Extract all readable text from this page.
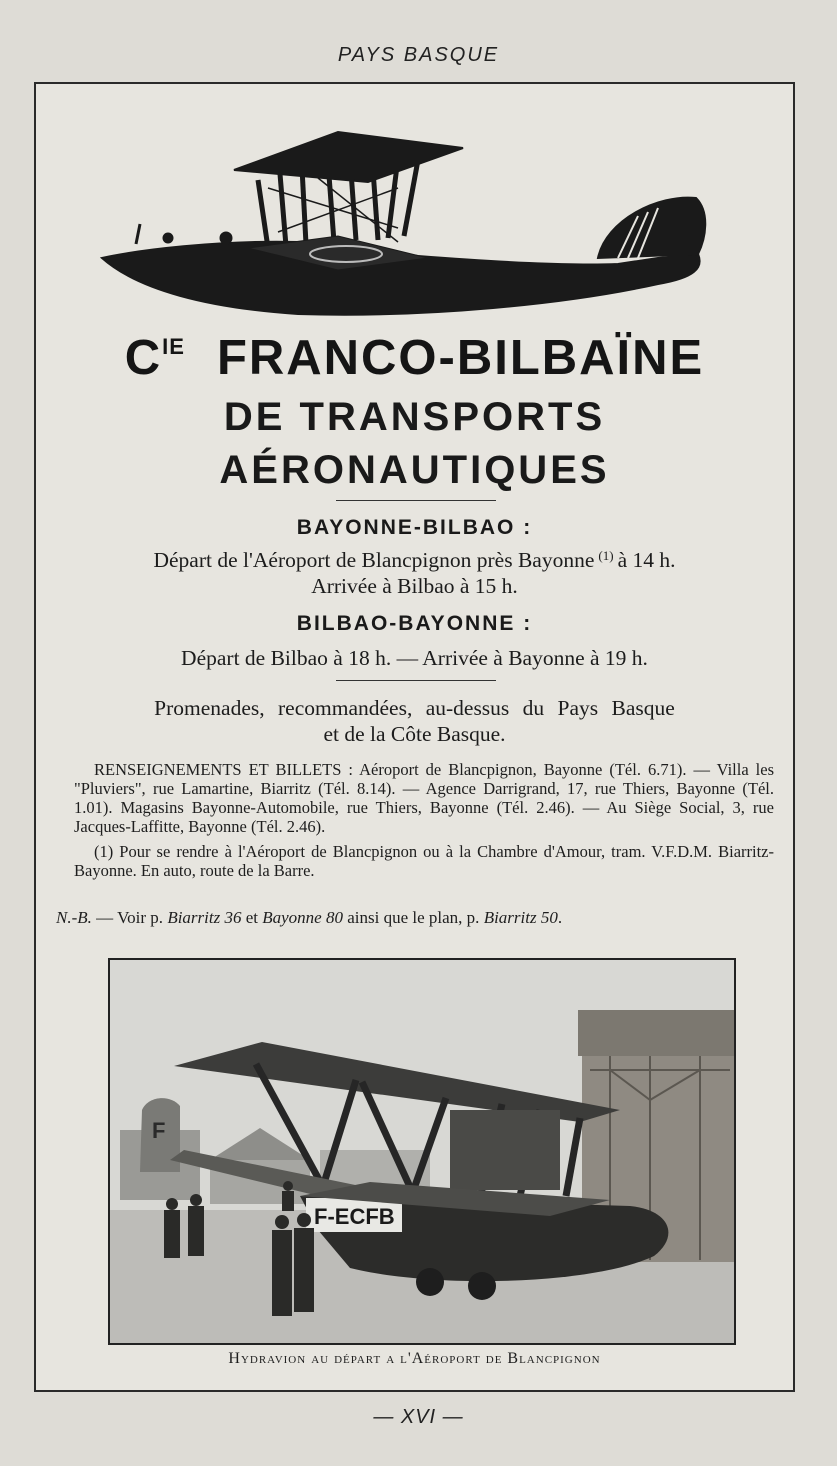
PAYS BASQUE
$C^{IE}$ FRANCO-BILBAÏNE
DE TRANSPORTS
AÉRONAUTIQUES
BAYONNE-BILBAO :
Départ de l'Aéroport de Blancpignon près Bayonne $^{(1)}$ à 14 h.
Arrivée à Bilbao à 15 h.
BILBAO-BAYONNE :
Départ de Bilbao à 18 h. — Arrivée à Bayonne à 19 h.
Promenades, recommandées, au-dessus du Pays Basque
et de la Côte Basque.

RENSEIGNEMENTS ET BILLETS : Aéroport de Blancpignon, Bayonne (Tél. 6.71). — Villa les "Pluviers", rue Lamartine, Biarritz (Tél. 8.14). — Agence Darrigrand, 17, rue Thiers, Bayonne (Tél. 1.01). Magasins Bayonne-Automobile, rue Thiers, Bayonne (Tél. 2.46). — Au Siège Social, 3, rue Jacques-Laffitte, Bayonne (Tél. 2.46).

(1) Pour se rendre à l'Aéroport de Blancpignon ou à la Chambre d'Amour, tram. V.F.D.M. Biarritz-Bayonne. En auto, route de la Barre.

N.-B. — Voir p. Biarritz 36 et Bayonne 80 ainsi que le plan, p. Biarritz 50.
F
F-ECFB
Hydravion au départ a l'Aéroport de Blancpignon
— XVI —
